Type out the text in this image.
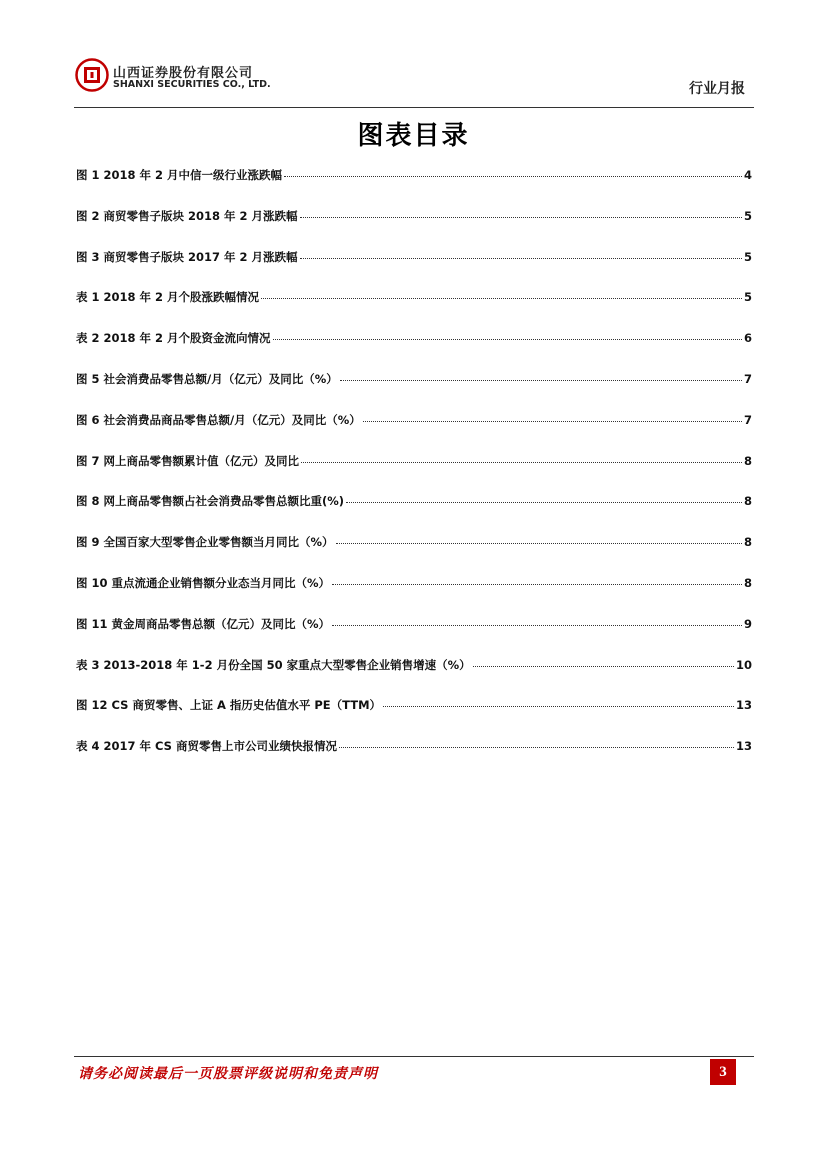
山西证券股份有限公司
SHANXI SECURITIES CO., LTD.	行业月报
图表目录
图 1 2018 年 2 月中信一级行业涨跌幅	4
图 2 商贸零售子版块 2018 年 2 月涨跌幅	5
图 3 商贸零售子版块 2017 年 2 月涨跌幅	5
表 1 2018 年 2 月个股涨跌幅情况	5
表 2 2018 年 2 月个股资金流向情况	6
图 5 社会消费品零售总额/月（亿元）及同比（%）	7
图 6 社会消费品商品零售总额/月（亿元）及同比（%）	7
图 7 网上商品零售额累计值（亿元）及同比	8
图 8 网上商品零售额占社会消费品零售总额比重(%)	8
图 9 全国百家大型零售企业零售额当月同比（%）	8
图 10 重点流通企业销售额分业态当月同比（%）	8
图 11 黄金周商品零售总额（亿元）及同比（%）	9
表 3 2013-2018 年 1-2 月份全国 50 家重点大型零售企业销售增速（%）	10
图 12 CS 商贸零售、上证 A 指历史估值水平 PE（TTM）	13
表 4 2017 年 CS 商贸零售上市公司业绩快报情况	13
请务必阅读最后一页股票评级说明和免责声明	3
